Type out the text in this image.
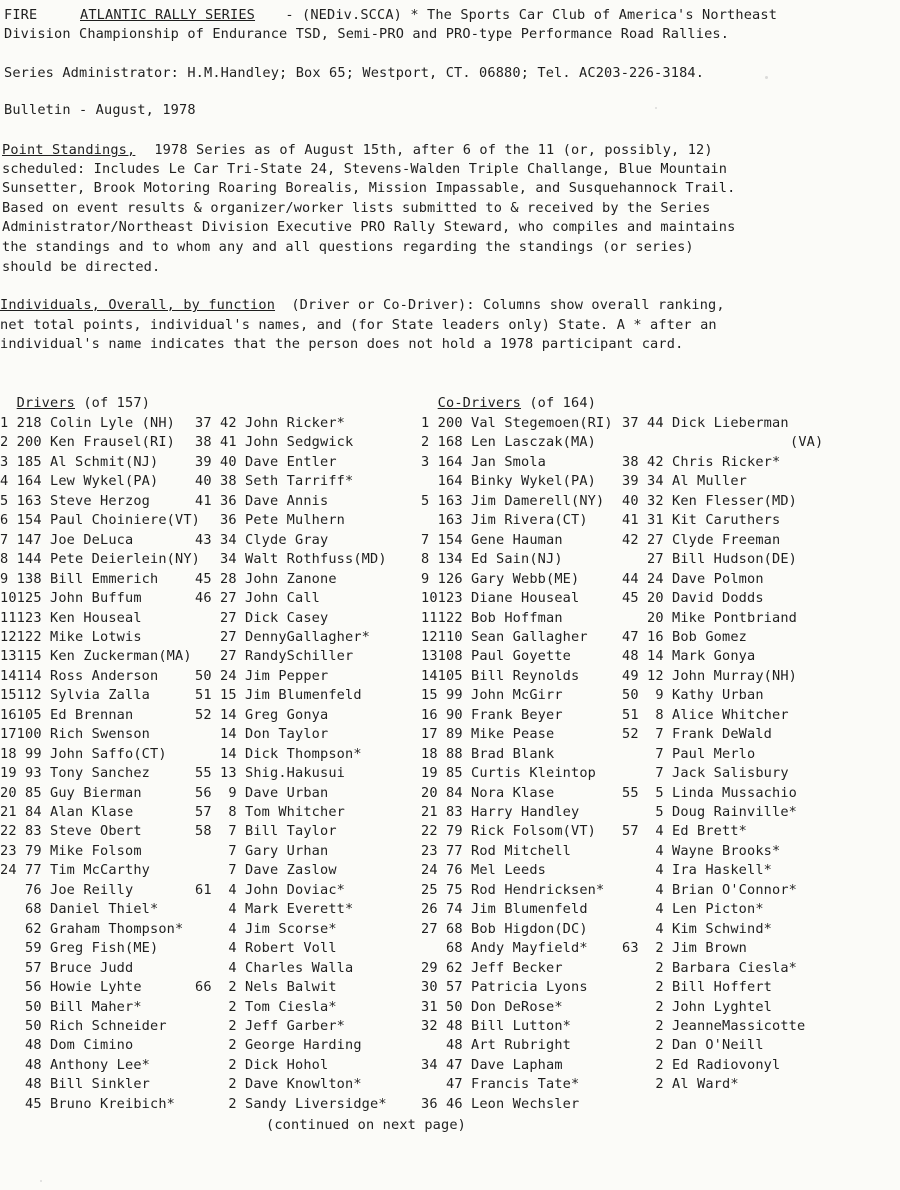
FIRE	ATLANTIC RALLY SERIES - (NEDiv.SCCA) * The Sports Car Club of America's Northeast
Division Championship of Endurance TSD, Semi-PRO and PRO-type Performance Road Rallies.
Series Administrator: H.M.Handley; Box 65; Westport, CT. 06880; Tel. AC203-226-3184.
Bulletin - August, 1978
Point Standings, 1978 Series as of August 15th, after 6 of the 11 (or, possibly, 12)
scheduled: Includes Le Car Tri-State 24, Stevens-Walden Triple Challange, Blue Mountain
Sunsetter, Brook Motoring Roaring Borealis, Mission Impassable, and Susquehannock Trail.
Based on event results & organizer/worker lists submitted to & received by the Series
Administrator/Northeast Division Executive PRO Rally Steward, who compiles and maintains
the standings and to whom any and all questions regarding the standings (or series)
should be directed.
Individuals, Overall, by function (Driver or Co-Driver): Columns show overall ranking,
net total points, individual's names, and (for State leaders only) State. A * after an
individual's name indicates that the person does not hold a 1978 participant card.

Drivers (of 157)	Co-Drivers (of 164)

1 218 Colin Lyle (NH)
2 200 Ken Frausel(RI)
3 185 Al Schmit(NJ)
4 164 Lew Wykel(PA)
5 163 Steve Herzog
6 154 Paul Choiniere(VT)
7 147 Joe DeLuca
8 144 Pete Deierlein(NY)
9 138 Bill Emmerich
10125 John Buffum
11123 Ken Houseal
12122 Mike Lotwis
13115 Ken Zuckerman(MA)
14114 Ross Anderson
15112 Sylvia Zalla
16105 Ed Brennan
17100 Rich Swenson
18 99 John Saffo(CT)
19 93 Tony Sanchez
20 85 Guy Bierman
21 84 Alan Klase
22 83 Steve Obert
23 79 Mike Folsom
24 77 Tim McCarthy
76 Joe Reilly
68 Daniel Thiel*
62 Graham Thompson*
59 Greg Fish(ME)
57 Bruce Judd
56 Howie Lyhte
50 Bill Maher*
50 Rich Schneider
48 Dom Cimino
48 Anthony Lee*
48 Bill Sinkler
45 Bruno Kreibich*
37 42 John Ricker*
38 41 John Sedgwick
39 40 Dave Entler
40 38 Seth Tarriff*
41 36 Dave Annis
36 Pete Mulhern
43 34 Clyde Gray
34 Walt Rothfuss(MD)
45 28 John Zanone
46 27 John Call
27 Dick Casey
27 DennyGallagher*
27 RandySchiller
50 24 Jim Pepper
51 15 Jim Blumenfeld
52 14 Greg Gonya
14 Don Taylor
14 Dick Thompson*
55 13 Shig.Hakusui
56  9 Dave Urban
57  8 Tom Whitcher
58  7 Bill Taylor
7 Gary Urhan
7 Dave Zaslow
61  4 John Doviac*
4 Mark Everett*
4 Jim Scorse*
4 Robert Voll
4 Charles Walla
66  2 Nels Balwit
2 Tom Ciesla*
2 Jeff Garber*
2 George Harding
2 Dick Hohol
2 Dave Knowlton*
2 Sandy Liversidge*
1 200 Val Stegemoen(RI)
2 168 Len Lasczak(MA)
3 164 Jan Smola
164 Binky Wykel(PA)
5 163 Jim Damerell(NY)
163 Jim Rivera(CT)
7 154 Gene Hauman
8 134 Ed Sain(NJ)
9 126 Gary Webb(ME)
10123 Diane Houseal
11122 Bob Hoffman
12110 Sean Gallagher
13108 Paul Goyette
14105 Bill Reynolds
15 99 John McGirr
16 90 Frank Beyer
17 89 Mike Pease
18 88 Brad Blank
19 85 Curtis Kleintop
20 84 Nora Klase
21 83 Harry Handley
22 79 Rick Folsom(VT)
23 77 Rod Mitchell
24 76 Mel Leeds
25 75 Rod Hendricksen*
26 74 Jim Blumenfeld
27 68 Bob Higdon(DC)
68 Andy Mayfield*
29 62 Jeff Becker
30 57 Patricia Lyons
31 50 Don DeRose*
32 48 Bill Lutton*
48 Art Rubright
34 47 Dave Lapham
47 Francis Tate*
36 46 Leon Wechsler
37 44 Dick Lieberman
(VA)
38 42 Chris Ricker*
39 34 Al Muller
40 32 Ken Flesser(MD)
41 31 Kit Caruthers
42 27 Clyde Freeman
27 Bill Hudson(DE)
44 24 Dave Polmon
45 20 David Dodds
20 Mike Pontbriand
47 16 Bob Gomez
48 14 Mark Gonya
49 12 John Murray(NH)
50  9 Kathy Urban
51  8 Alice Whitcher
52  7 Frank DeWald
7 Paul Merlo
7 Jack Salisbury
55  5 Linda Mussachio
5 Doug Rainville*
57  4 Ed Brett*
4 Wayne Brooks*
4 Ira Haskell*
4 Brian O'Connor*
4 Len Picton*
4 Kim Schwind*
63  2 Jim Brown
2 Barbara Ciesla*
2 Bill Hoffert
2 John Lyghtel
2 JeanneMassicotte
2 Dan O'Neill
2 Ed Radiovonyl
2 Al Ward*
(continued on next page)
